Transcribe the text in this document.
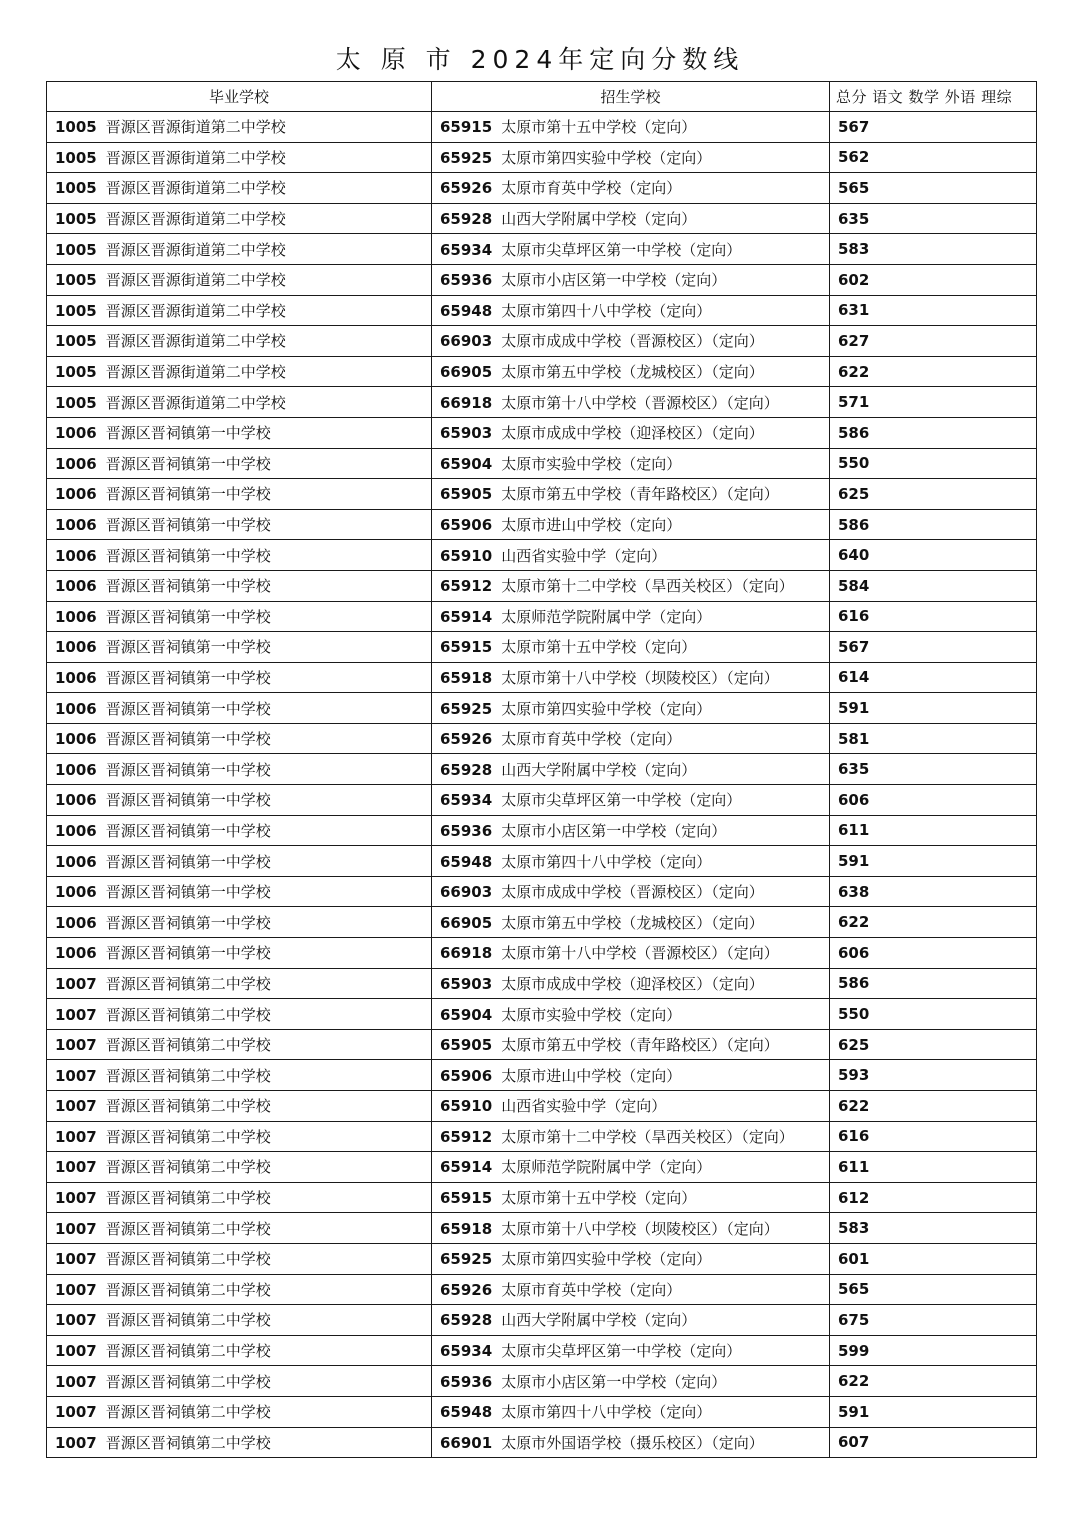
太 原 市 2024年定向分数线
毕业学校	招生学校	总分 语文 数学 外语 理综
1005 晋源区晋源街道第二中学校	65915 太原市第十五中学校（定向）	567
1005 晋源区晋源街道第二中学校	65925 太原市第四实验中学校（定向）	562
1005 晋源区晋源街道第二中学校	65926 太原市育英中学校（定向）	565
1005 晋源区晋源街道第二中学校	65928 山西大学附属中学校（定向）	635
1005 晋源区晋源街道第二中学校	65934 太原市尖草坪区第一中学校（定向）	583
1005 晋源区晋源街道第二中学校	65936 太原市小店区第一中学校（定向）	602
1005 晋源区晋源街道第二中学校	65948 太原市第四十八中学校（定向）	631
1005 晋源区晋源街道第二中学校	66903 太原市成成中学校（晋源校区）（定向）	627
1005 晋源区晋源街道第二中学校	66905 太原市第五中学校（龙城校区）（定向）	622
1005 晋源区晋源街道第二中学校	66918 太原市第十八中学校（晋源校区）（定向）	571
1006 晋源区晋祠镇第一中学校	65903 太原市成成中学校（迎泽校区）（定向）	586
1006 晋源区晋祠镇第一中学校	65904 太原市实验中学校（定向）	550
1006 晋源区晋祠镇第一中学校	65905 太原市第五中学校（青年路校区）（定向）	625
1006 晋源区晋祠镇第一中学校	65906 太原市进山中学校（定向）	586
1006 晋源区晋祠镇第一中学校	65910 山西省实验中学（定向）	640
1006 晋源区晋祠镇第一中学校	65912 太原市第十二中学校（旱西关校区）（定向）	584
1006 晋源区晋祠镇第一中学校	65914 太原师范学院附属中学（定向）	616
1006 晋源区晋祠镇第一中学校	65915 太原市第十五中学校（定向）	567
1006 晋源区晋祠镇第一中学校	65918 太原市第十八中学校（坝陵校区）（定向）	614
1006 晋源区晋祠镇第一中学校	65925 太原市第四实验中学校（定向）	591
1006 晋源区晋祠镇第一中学校	65926 太原市育英中学校（定向）	581
1006 晋源区晋祠镇第一中学校	65928 山西大学附属中学校（定向）	635
1006 晋源区晋祠镇第一中学校	65934 太原市尖草坪区第一中学校（定向）	606
1006 晋源区晋祠镇第一中学校	65936 太原市小店区第一中学校（定向）	611
1006 晋源区晋祠镇第一中学校	65948 太原市第四十八中学校（定向）	591
1006 晋源区晋祠镇第一中学校	66903 太原市成成中学校（晋源校区）（定向）	638
1006 晋源区晋祠镇第一中学校	66905 太原市第五中学校（龙城校区）（定向）	622
1006 晋源区晋祠镇第一中学校	66918 太原市第十八中学校（晋源校区）（定向）	606
1007 晋源区晋祠镇第二中学校	65903 太原市成成中学校（迎泽校区）（定向）	586
1007 晋源区晋祠镇第二中学校	65904 太原市实验中学校（定向）	550
1007 晋源区晋祠镇第二中学校	65905 太原市第五中学校（青年路校区）（定向）	625
1007 晋源区晋祠镇第二中学校	65906 太原市进山中学校（定向）	593
1007 晋源区晋祠镇第二中学校	65910 山西省实验中学（定向）	622
1007 晋源区晋祠镇第二中学校	65912 太原市第十二中学校（旱西关校区）（定向）	616
1007 晋源区晋祠镇第二中学校	65914 太原师范学院附属中学（定向）	611
1007 晋源区晋祠镇第二中学校	65915 太原市第十五中学校（定向）	612
1007 晋源区晋祠镇第二中学校	65918 太原市第十八中学校（坝陵校区）（定向）	583
1007 晋源区晋祠镇第二中学校	65925 太原市第四实验中学校（定向）	601
1007 晋源区晋祠镇第二中学校	65926 太原市育英中学校（定向）	565
1007 晋源区晋祠镇第二中学校	65928 山西大学附属中学校（定向）	675
1007 晋源区晋祠镇第二中学校	65934 太原市尖草坪区第一中学校（定向）	599
1007 晋源区晋祠镇第二中学校	65936 太原市小店区第一中学校（定向）	622
1007 晋源区晋祠镇第二中学校	65948 太原市第四十八中学校（定向）	591
1007 晋源区晋祠镇第二中学校	66901 太原市外国语学校（摄乐校区）（定向）	607
